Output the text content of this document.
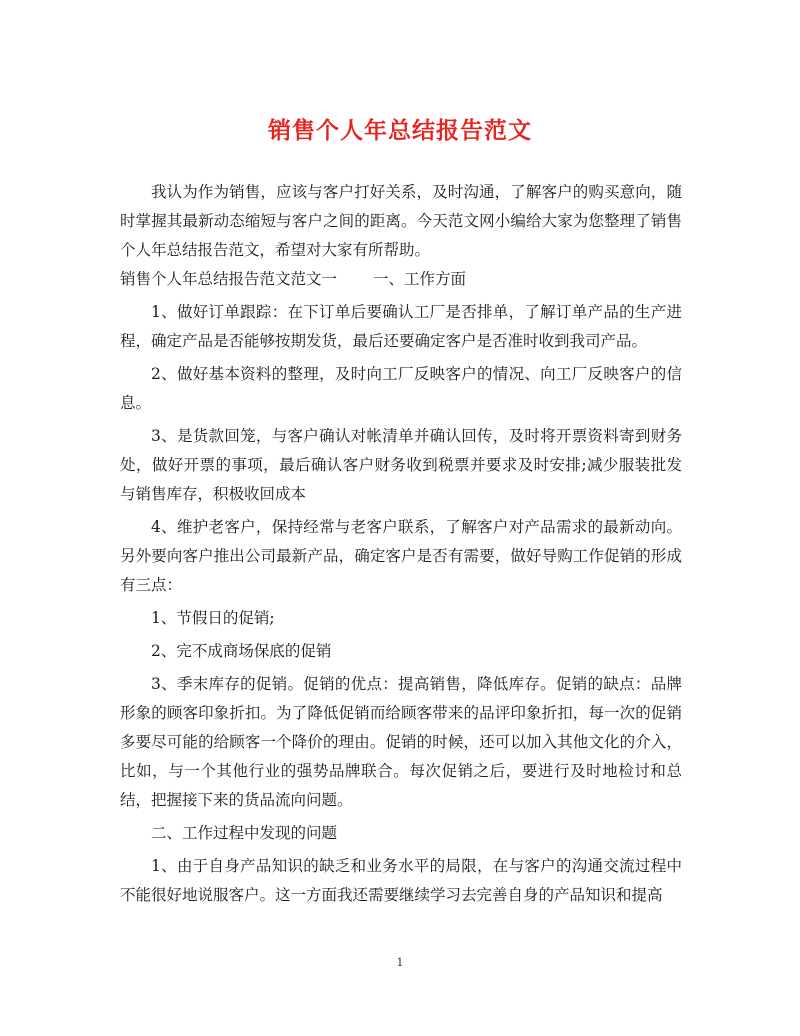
销售个人年总结报告范文

我认为作为销售，应该与客户打好关系，及时沟通，了解客户的购买意向，随时掌握其最新动态缩短与客户之间的距离。今天范文网小编给大家为您整理了销售个人年总结报告范文，希望对大家有所帮助。

销售个人年总结报告范文范文一 一、工作方面

1、做好订单跟踪：在下订单后要确认工厂是否排单，了解订单产品的生产进程，确定产品是否能够按期发货，最后还要确定客户是否准时收到我司产品。

2、做好基本资料的整理，及时向工厂反映客户的情况、向工厂反映客户的信息。

3、是货款回笼，与客户确认对帐清单并确认回传，及时将开票资料寄到财务处，做好开票的事项，最后确认客户财务收到税票并要求及时安排;减少服装批发与销售库存，积极收回成本

4、维护老客户，保持经常与老客户联系，了解客户对产品需求的最新动向。另外要向客户推出公司最新产品，确定客户是否有需要，做好导购工作促销的形成有三点：

1、节假日的促销;

2、完不成商场保底的促销

3、季末库存的促销。促销的优点：提高销售，降低库存。促销的缺点：品牌形象的顾客印象折扣。为了降低促销而给顾客带来的品评印象折扣，每一次的促销多要尽可能的给顾客一个降价的理由。促销的时候，还可以加入其他文化的介入，比如，与一个其他行业的强势品牌联合。每次促销之后，要进行及时地检讨和总结，把握接下来的货品流向问题。

二、工作过程中发现的问题

1、由于自身产品知识的缺乏和业务水平的局限，在与客户的沟通交流过程中不能很好地说服客户。这一方面我还需要继续学习去完善自身的产品知识和提高

1
